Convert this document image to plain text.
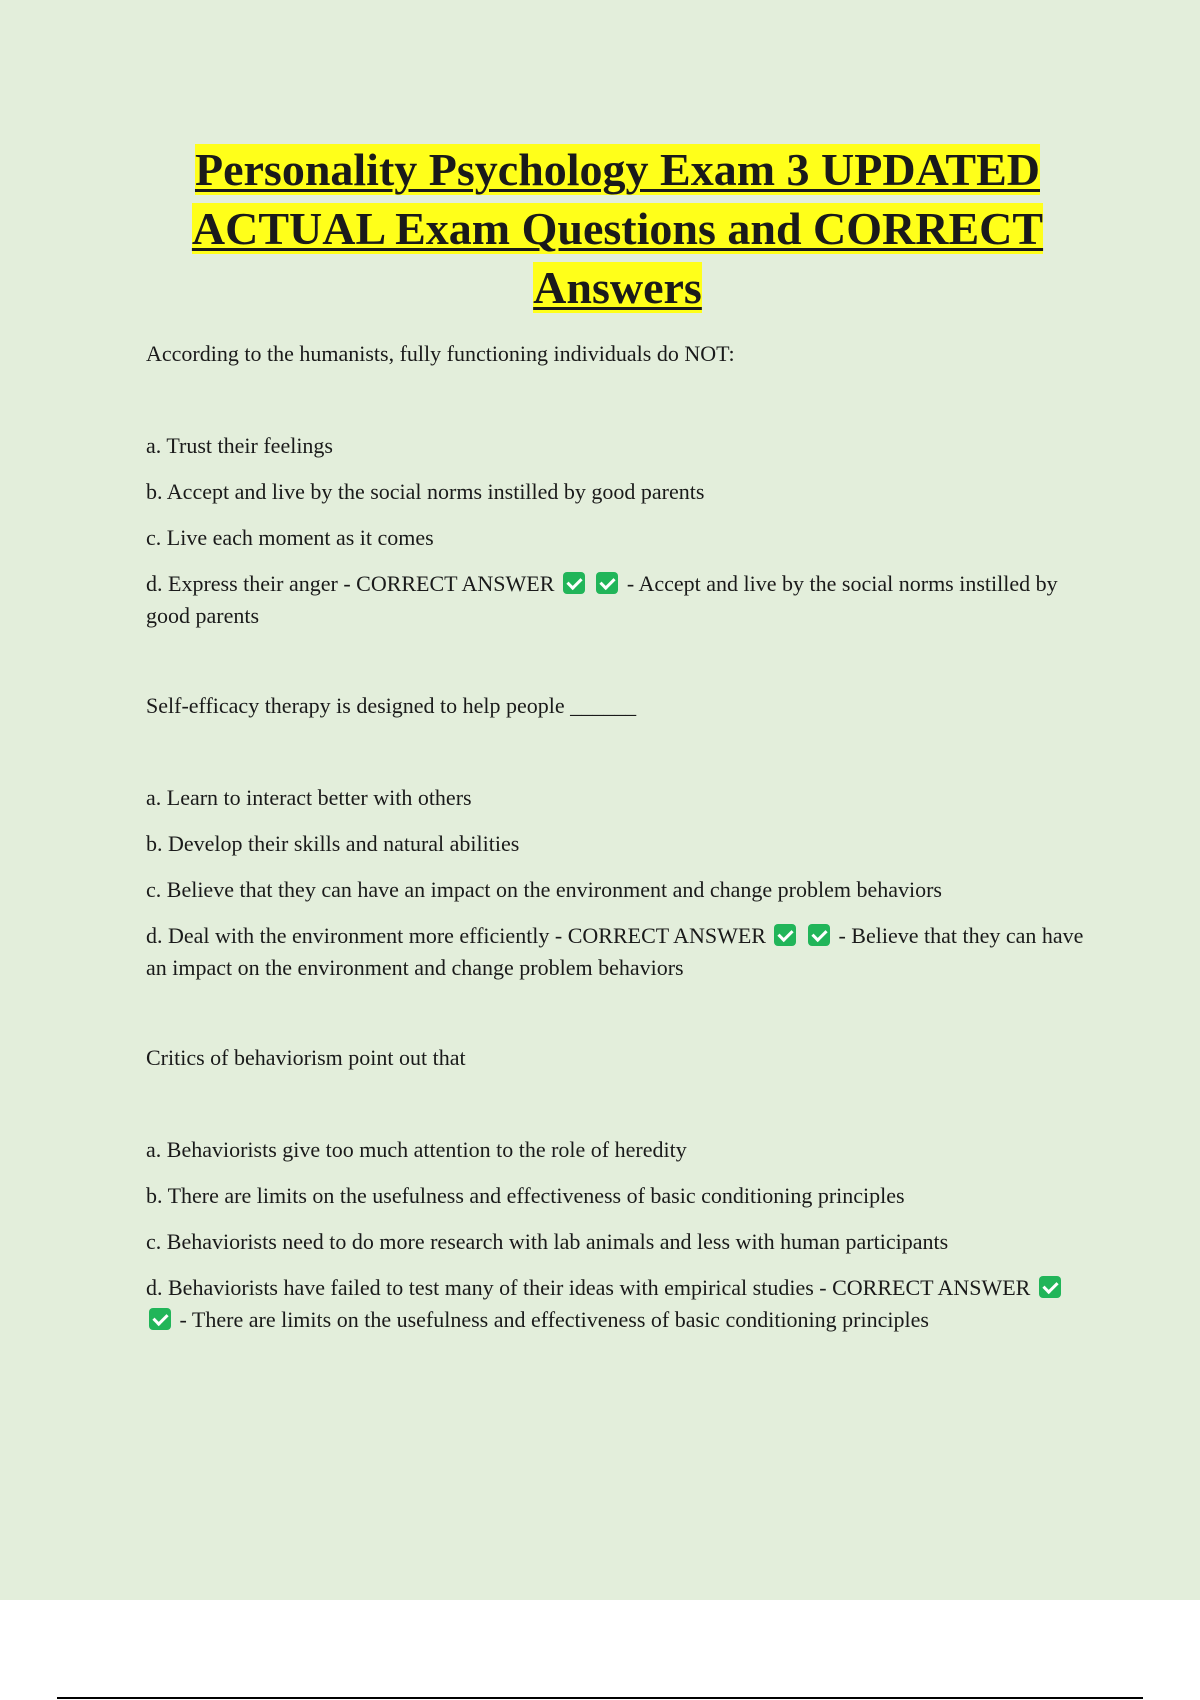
Personality Psychology Exam 3 UPDATED
ACTUAL Exam Questions and CORRECT
Answers

According to the humanists, fully functioning individuals do NOT:

a. Trust their feelings

b. Accept and live by the social norms instilled by good parents

c. Live each moment as it comes

d. Express their anger - CORRECT ANSWER	- Accept and live by the social norms instilled by good parents

Self-efficacy therapy is designed to help people ______

a. Learn to interact better with others

b. Develop their skills and natural abilities

c. Believe that they can have an impact on the environment and change problem behaviors

d. Deal with the environment more efficiently - CORRECT ANSWER	- Believe that they can have an impact on the environment and change problem behaviors

Critics of behaviorism point out that

a. Behaviorists give too much attention to the role of heredity

b. There are limits on the usefulness and effectiveness of basic conditioning principles

c. Behaviorists need to do more research with lab animals and less with human participants

d. Behaviorists have failed to test many of their ideas with empirical studies - CORRECT ANSWER   - There are limits on the usefulness and effectiveness of basic conditioning principles
